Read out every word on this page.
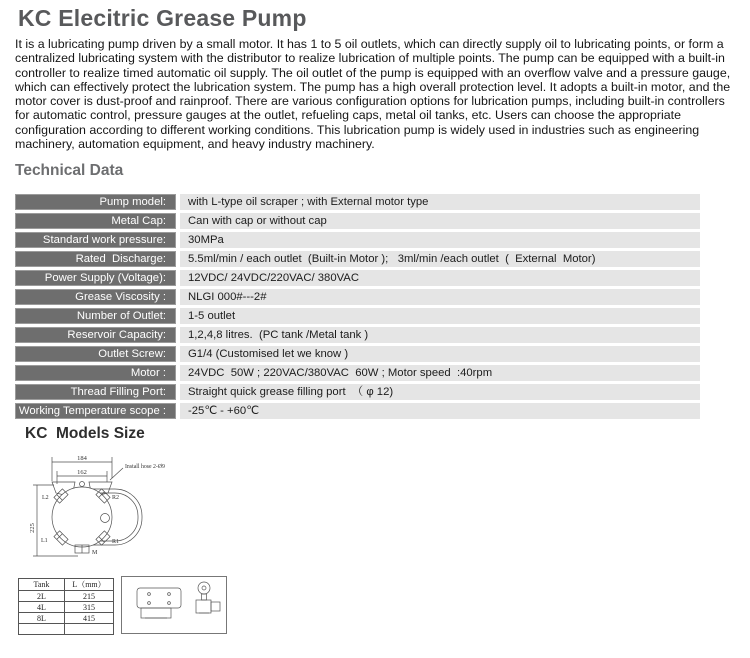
KC Elecitric Grease Pump
It is a lubricating pump driven by a small motor. It has 1 to 5 oil outlets, which can directly supply oil to lubricating points, or form a centralized lubricating system with the distributor to realize lubrication of multiple points. The pump can be equipped with a built-in controller to realize timed automatic oil supply. The oil outlet of the pump is equipped with an overflow valve and a pressure gauge, which can effectively protect the lubrication system. The pump has a high overall protection level. It adopts a built-in motor, and the motor cover is dust-proof and rainproof. There are various configuration options for lubrication pumps, including built-in controllers for automatic control, pressure gauges at the outlet, refueling caps, metal oil tanks, etc. Users can choose the appropriate configuration according to different working conditions. This lubrication pump is widely used in industries such as engineering machinery, automation equipment, and heavy industry machinery.
Technical Data
Pump model:	with L-type oil scraper ; with External motor type
Metal Cap:	Can with cap or without cap
Standard work pressure:	30MPa
Rated  Discharge:	5.5ml/min / each outlet  (Built-in Motor );   3ml/min /each outlet  (  External  Motor)
Power Supply (Voltage):	12VDC/ 24VDC/220VAC/ 380VAC
Grease Viscosity :	NLGI 000#---2#
Number of Outlet:	1-5 outlet
Reservoir Capacity:	1,2,4,8 litres.  (PC tank /Metal tank )
Outlet Screw:	G1/4 (Customised let we know )
Motor :	24VDC  50W ; 220VAC/380VAC  60W ; Motor speed  :40rpm
Thread Filling Port:	Straight quick grease filling port  （ φ 12)
Working Temperature scope :	-25℃ - +60℃
KC  Models Size
184
162
225
Install hose 2-Ø9
L2	R2
L1	R1
M
Tank	L（mm）
2L	215
4L	315
8L	415
